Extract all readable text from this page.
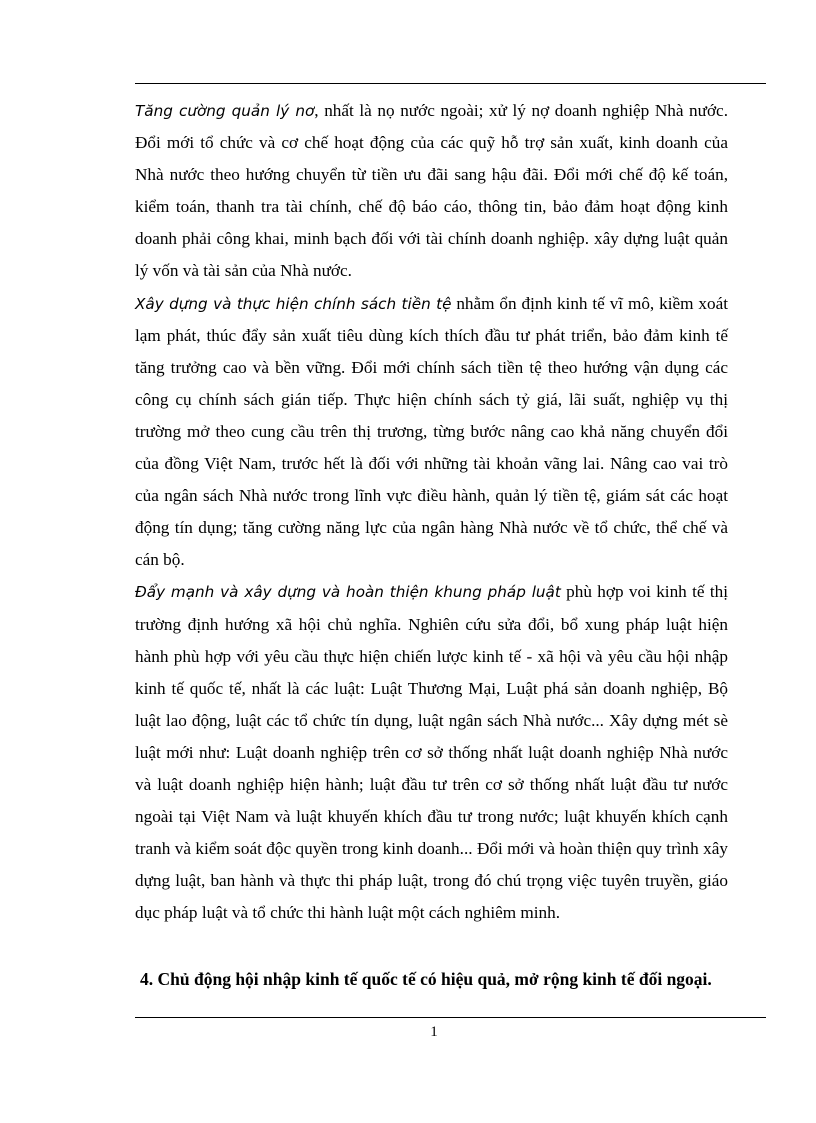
Tăng cường quản lý nơ, nhất là nọ nước ngoài; xử lý nợ doanh nghiệp Nhà nước. Đổi mới tổ chức và cơ chế hoạt động của các quỹ hỗ trợ sản xuất, kinh doanh của Nhà nước theo hướng chuyển từ tiền ưu đãi sang hậu đãi. Đổi mới chế độ kế toán, kiểm toán, thanh tra tài chính, chế độ báo cáo, thông tin, bảo đảm hoạt động kinh doanh phải công khai, minh bạch đối với tài chính doanh nghiệp. xây dựng luật quản lý vốn và tài sản của Nhà nước.

Xây dựng và thực hiện chính sách tiền tệ nhằm ổn định kinh tế vĩ mô, kiềm xoát lạm phát, thúc đẩy sản xuất tiêu dùng kích thích đầu tư phát triển, bảo đảm kinh tế tăng trưởng cao và bền vững. Đổi mới chính sách tiền tệ theo hướng vận dụng các công cụ chính sách gián tiếp. Thực hiện chính sách tỷ giá, lãi suất, nghiệp vụ thị trường mở theo cung cầu trên thị trương, từng bước nâng cao khả năng chuyển đổi của đồng Việt Nam, trước hết là đối với những tài khoản vãng lai. Nâng cao vai trò của ngân sách Nhà nước trong lĩnh vực điều hành, quản lý tiền tệ, giám sát các hoạt động tín dụng; tăng cường năng lực của ngân hàng Nhà nước về tổ chức, thể chế và cán bộ.

Đẩy mạnh và xây dựng và hoàn thiện khung pháp luật phù hợp voi kinh tế thị trường định hướng xã hội chủ nghĩa. Nghiên cứu sửa đổi, bổ xung pháp luật hiện hành phù hợp với yêu cầu thực hiện chiến lược kinh tế - xã hội và yêu cầu hội nhập kinh tế quốc tế, nhất là các luật: Luật Thương Mại, Luật phá sản doanh nghiệp, Bộ luật lao động, luật các tổ chức tín dụng, luật ngân sách Nhà nước... Xây dựng mét sè luật mới như: Luật doanh nghiệp trên cơ sở thống nhất luật doanh nghiệp Nhà nước và luật doanh nghiệp hiện hành; luật đầu tư trên cơ sở thống nhất luật đầu tư nước ngoài tại Việt Nam và luật khuyến khích đầu tư trong nước; luật khuyến khích cạnh tranh và kiểm soát độc quyền trong kinh doanh... Đổi mới và hoàn thiện quy trình xây dựng luật, ban hành và thực thi pháp luật, trong đó chú trọng việc tuyên truyền, giáo dục pháp luật và tổ chức thi hành luật một cách nghiêm minh.

4. Chủ động hội nhập kinh tế quốc tế có hiệu quả, mở rộng kinh tế đối ngoại.
1
